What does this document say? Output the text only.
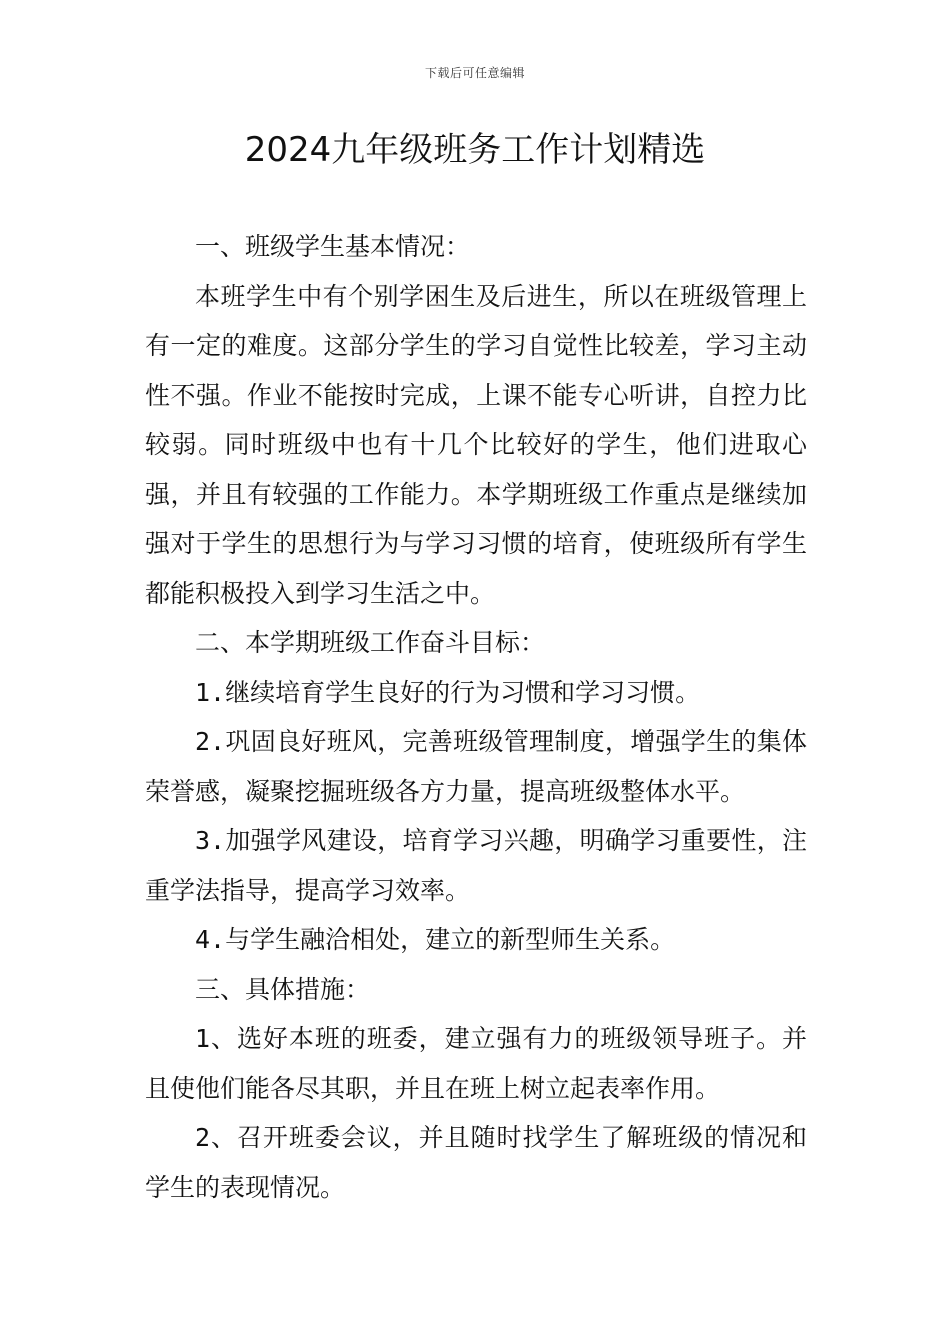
下载后可任意编辑
2024九年级班务工作计划精选

一、班级学生基本情况：

本班学生中有个别学困生及后进生，所以在班级管理上有一定的难度。这部分学生的学习自觉性比较差，学习主动性不强。作业不能按时完成，上课不能专心听讲，自控力比较弱。同时班级中也有十几个比较好的学生，他们进取心强，并且有较强的工作能力。本学期班级工作重点是继续加强对于学生的思想行为与学习习惯的培育，使班级所有学生都能积极投入到学习生活之中。

二、本学期班级工作奋斗目标：

1.继续培育学生良好的行为习惯和学习习惯。

2.巩固良好班风，完善班级管理制度，增强学生的集体荣誉感，凝聚挖掘班级各方力量，提高班级整体水平。

3.加强学风建设，培育学习兴趣，明确学习重要性，注重学法指导，提高学习效率。

4.与学生融洽相处，建立的新型师生关系。

三、具体措施：

1、选好本班的班委，建立强有力的班级领导班子。并且使他们能各尽其职，并且在班上树立起表率作用。

2、召开班委会议，并且随时找学生了解班级的情况和学生的表现情况。
